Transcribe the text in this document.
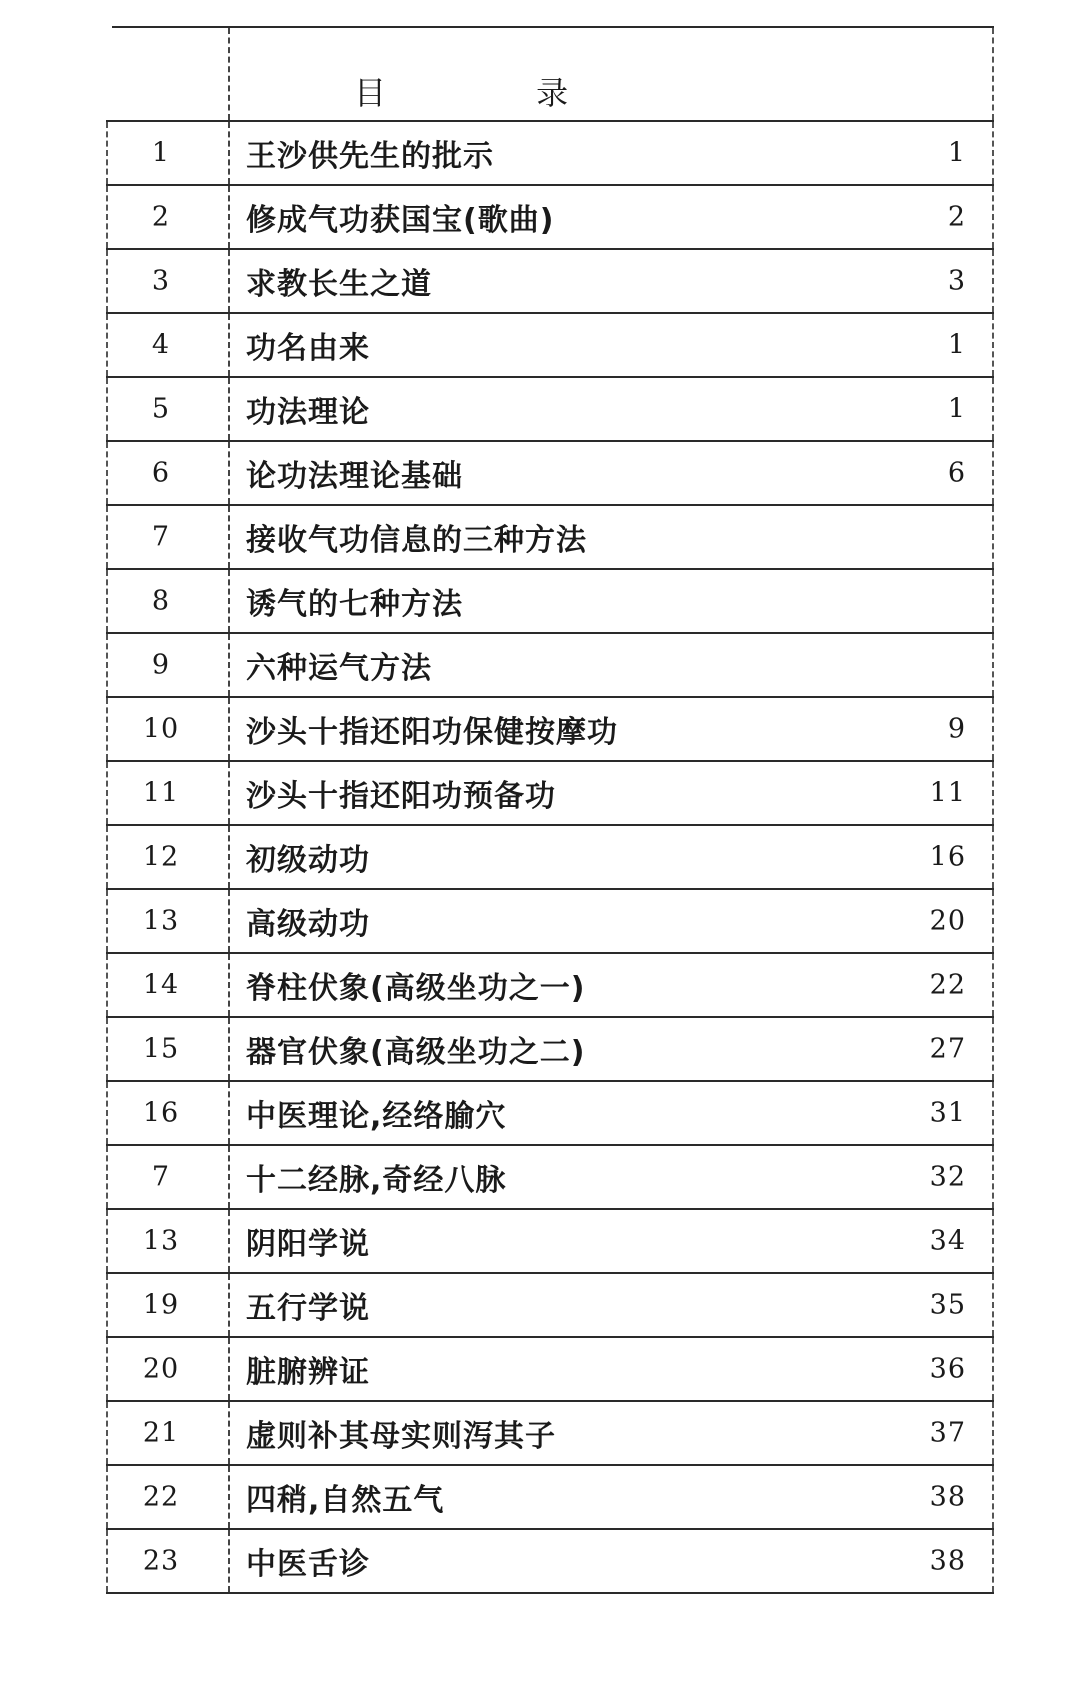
目 录
1	王沙供先生的批示	1
2	修成气功获国宝(歌曲)	2
3	求教长生之道	3
4	功名由来	1
5	功法理论	1
6	论功法理论基础	6
7	接收气功信息的三种方法
8	诱气的七种方法
9	六种运气方法
10	沙头十指还阳功保健按摩功	9
11	沙头十指还阳功预备功	11
12	初级动功	16
13	高级动功	20
14	脊柱伏象(高级坐功之一)	22
15	器官伏象(高级坐功之二)	27
16	中医理论,经络腧穴	31
7	十二经脉,奇经八脉	32
13	阴阳学说	34
19	五行学说	35
20	脏腑辨证	36
21	虚则补其母实则泻其子	37
22	四稍,自然五气	38
23	中医舌诊	38
